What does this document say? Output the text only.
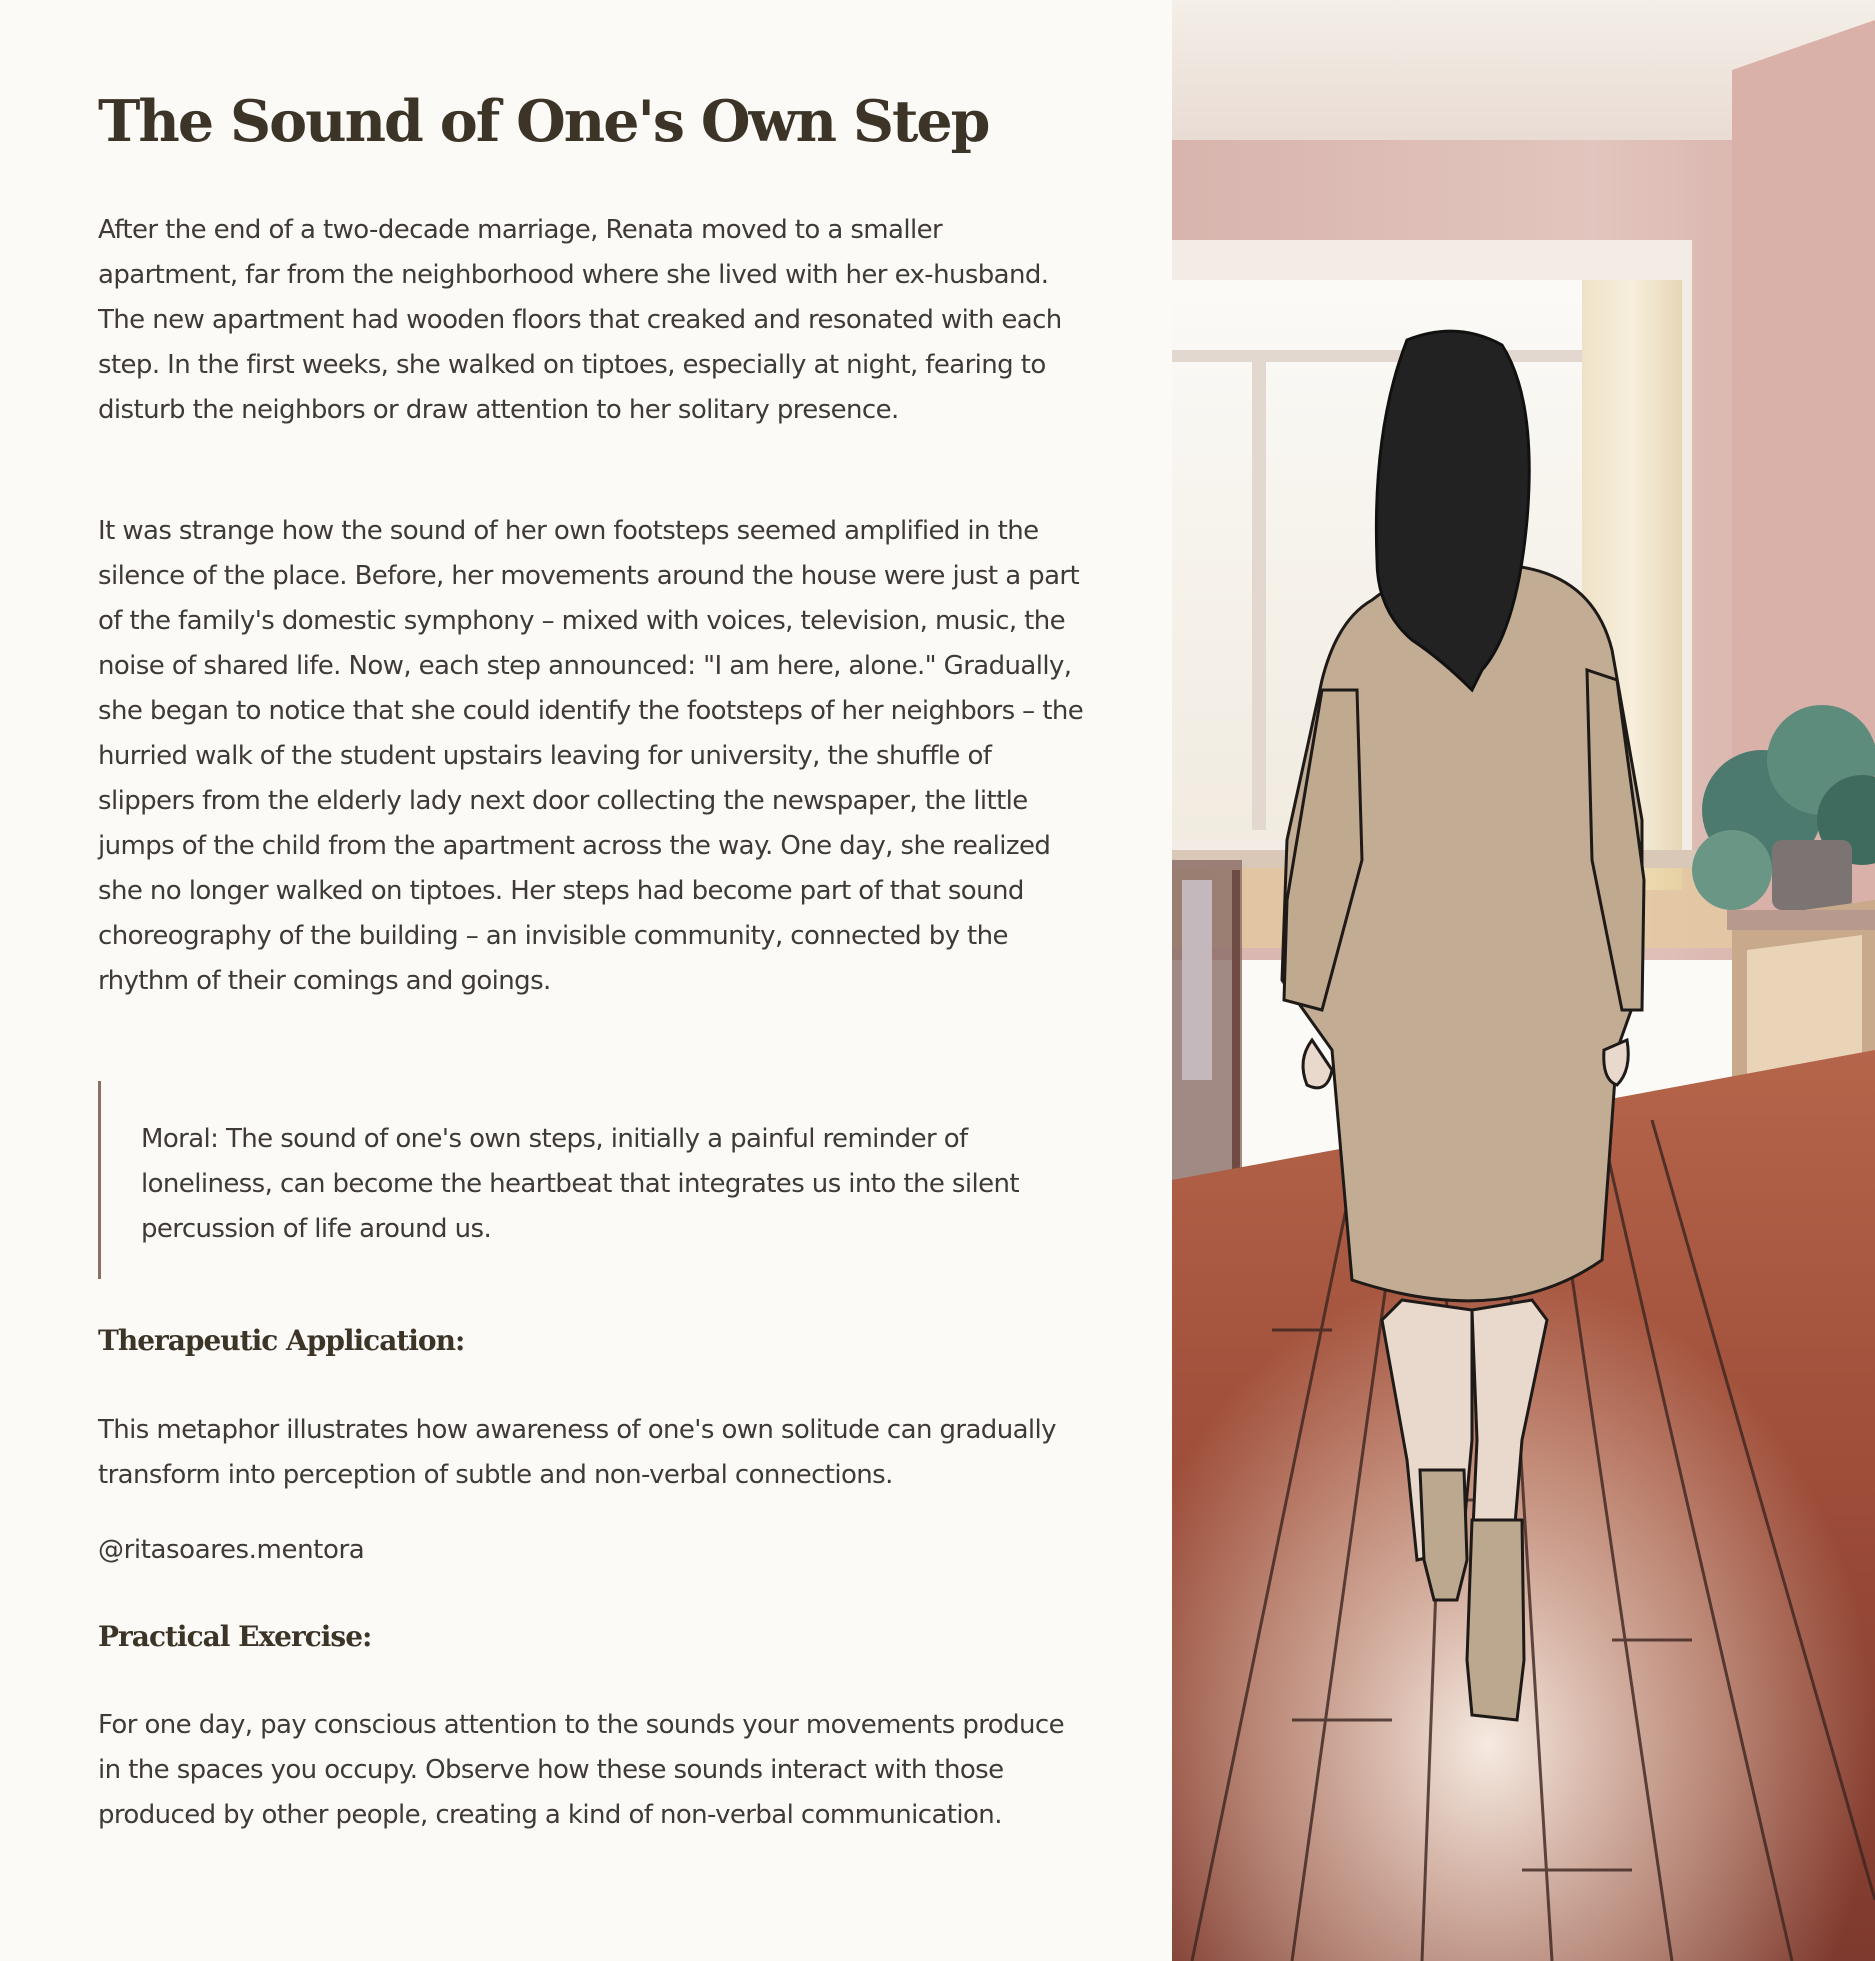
The Sound of One's Own Step

After the end of a two-decade marriage, Renata moved to a smaller apartment, far from the neighborhood where she lived with her ex-husband. The new apartment had wooden floors that creaked and resonated with each step. In the first weeks, she walked on tiptoes, especially at night, fearing to disturb the neighbors or draw attention to her solitary presence.

It was strange how the sound of her own footsteps seemed amplified in the silence of the place. Before, her movements around the house were just a part of the family's domestic symphony – mixed with voices, television, music, the noise of shared life. Now, each step announced: "I am here, alone." Gradually, she began to notice that she could identify the footsteps of her neighbors – the hurried walk of the student upstairs leaving for university, the shuffle of slippers from the elderly lady next door collecting the newspaper, the little jumps of the child from the apartment across the way. One day, she realized she no longer walked on tiptoes. Her steps had become part of that sound choreography of the building – an invisible community, connected by the rhythm of their comings and goings.

Moral: The sound of one's own steps, initially a painful reminder of loneliness, can become the heartbeat that integrates us into the silent percussion of life around us.

Therapeutic Application:

This metaphor illustrates how awareness of one's own solitude can gradually transform into perception of subtle and non-verbal connections.

@ritasoares.mentora

Practical Exercise:

For one day, pay conscious attention to the sounds your movements produce in the spaces you occupy. Observe how these sounds interact with those produced by other people, creating a kind of non-verbal communication.
